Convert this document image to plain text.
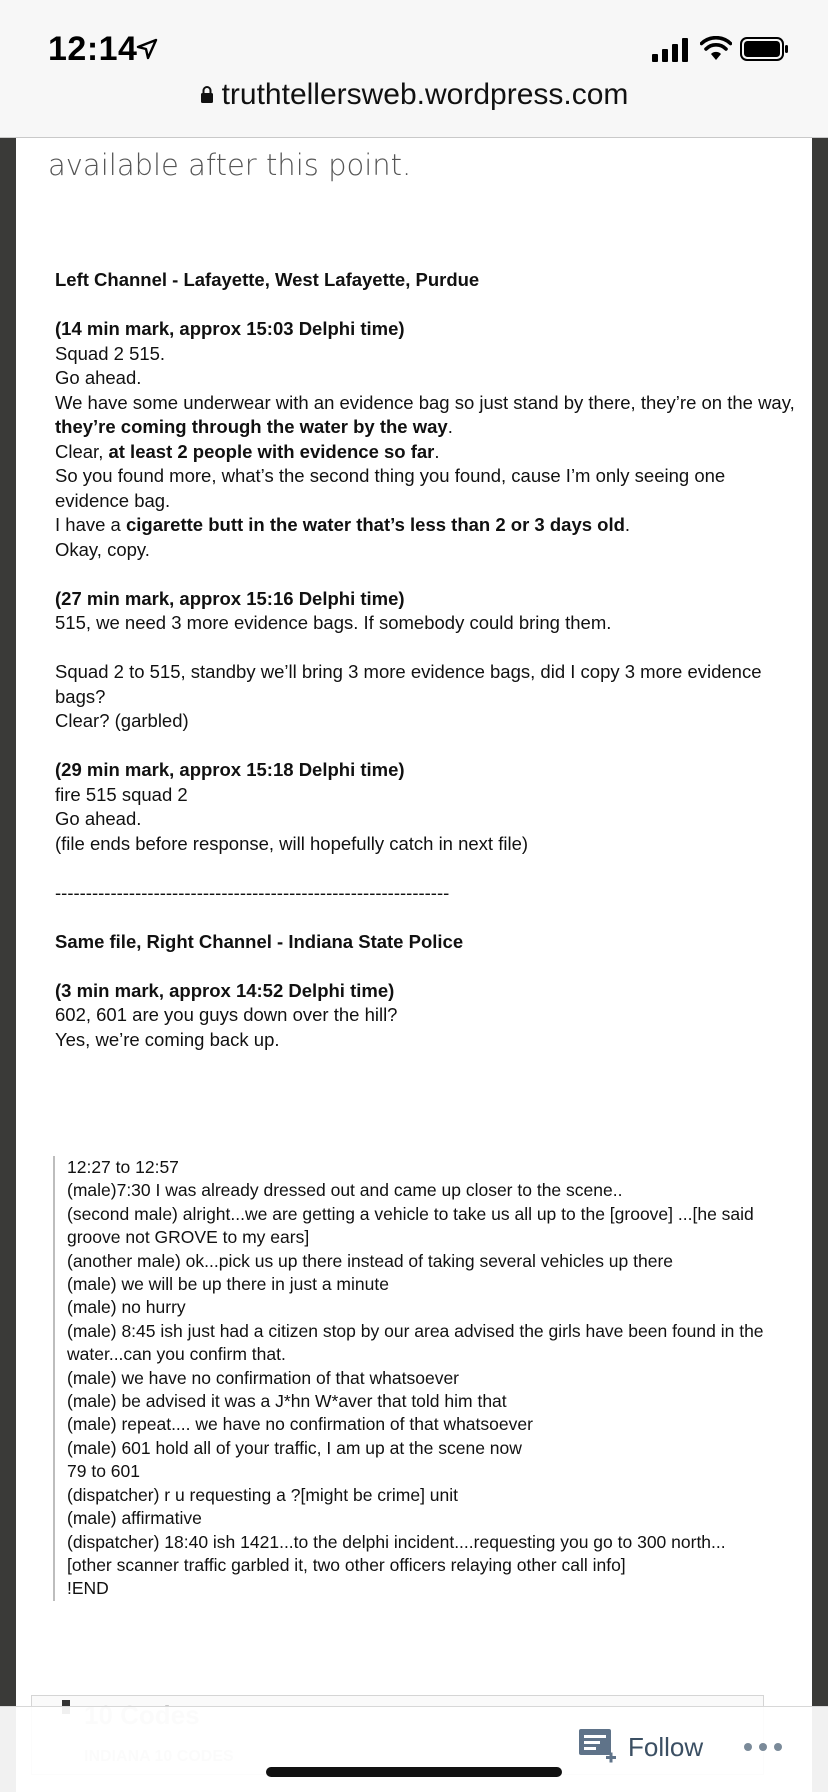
12:14
truthtellersweb.wordpress.com
available after this point.

Left Channel - Lafayette, West Lafayette, Purdue

(14 min mark, approx 15:03 Delphi time)

Squad 2 515.

Go ahead.

We have some underwear with an evidence bag so just stand by there, they’re on the way, they’re coming through the water by the way.

Clear, at least 2 people with evidence so far.

So you found more, what’s the second thing you found, cause I’m only seeing one evidence bag.

I have a cigarette butt in the water that’s less than 2 or 3 days old.

Okay, copy.

(27 min mark, approx 15:16 Delphi time)

515, we need 3 more evidence bags. If somebody could bring them.

Squad 2 to 515, standby we’ll bring 3 more evidence bags, did I copy 3 more evidence bags?

Clear? (garbled)

(29 min mark, approx 15:18 Delphi time)

fire 515 squad 2

Go ahead.

(file ends before response, will hopefully catch in next file)

----------------------------------------------------------------

Same file, Right Channel - Indiana State Police

(3 min mark, approx 14:52 Delphi time)

602, 601 are you guys down over the hill?

Yes, we’re coming back up.

12:27 to 12:57

(male)7:30 I was already dressed out and came up closer to the scene..

(second male) alright...we are getting a vehicle to take us all up to the [groove] ...[he said groove not GROVE to my ears]

(another male) ok...pick us up there instead of taking several vehicles up there

(male) we will be up there in just a minute

(male) no hurry

(male) 8:45 ish just had a citizen stop by our area advised the girls have been found in the water...can you confirm that.

(male) we have no confirmation of that whatsoever

(male) be advised it was a J*hn W*aver that told him that

(male) repeat.... we have no confirmation of that whatsoever

(male) 601 hold all of your traffic, I am up at the scene now

79 to 601

(dispatcher) r u requesting a ?[might be crime] unit

(male) affirmative

(dispatcher) 18:40 ish 1421...to the delphi incident....requesting you go to 300 north...

[other scanner traffic garbled it, two other officers relaying other call info]

!END

Follow
